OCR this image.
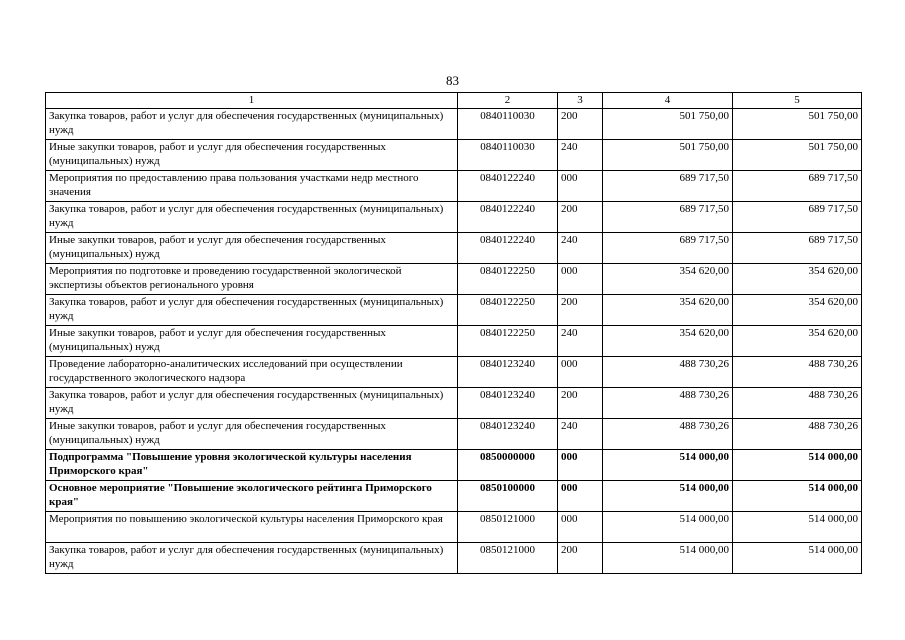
83
1	2	3	4	5
Закупка товаров, работ и услуг для обеспечения государственных (муниципальных) нужд	0840110030	200	501 750,00	501 750,00
Иные закупки товаров, работ и услуг для обеспечения государственных (муниципальных) нужд	0840110030	240	501 750,00	501 750,00
Мероприятия по предоставлению права пользования участками недр местного значения	0840122240	000	689 717,50	689 717,50
Закупка товаров, работ и услуг для обеспечения государственных (муниципальных) нужд	0840122240	200	689 717,50	689 717,50
Иные закупки товаров, работ и услуг для обеспечения государственных (муниципальных) нужд	0840122240	240	689 717,50	689 717,50
Мероприятия по подготовке и проведению государственной экологической экспертизы объектов регионального уровня	0840122250	000	354 620,00	354 620,00
Закупка товаров, работ и услуг для обеспечения государственных (муниципальных) нужд	0840122250	200	354 620,00	354 620,00
Иные закупки товаров, работ и услуг для обеспечения государственных (муниципальных) нужд	0840122250	240	354 620,00	354 620,00
Проведение лабораторно-аналитических исследований при осуществлении государственного экологического надзора	0840123240	000	488 730,26	488 730,26
Закупка товаров, работ и услуг для обеспечения государственных (муниципальных) нужд	0840123240	200	488 730,26	488 730,26
Иные закупки товаров, работ и услуг для обеспечения государственных (муниципальных) нужд	0840123240	240	488 730,26	488 730,26
Подпрограмма "Повышение уровня экологической культуры населения Приморского края"	0850000000	000	514 000,00	514 000,00
Основное мероприятие "Повышение экологического рейтинга Приморского края"	0850100000	000	514 000,00	514 000,00
Мероприятия по повышению экологической культуры населения Приморского края	0850121000	000	514 000,00	514 000,00
Закупка товаров, работ и услуг для обеспечения государственных (муниципальных) нужд	0850121000	200	514 000,00	514 000,00
